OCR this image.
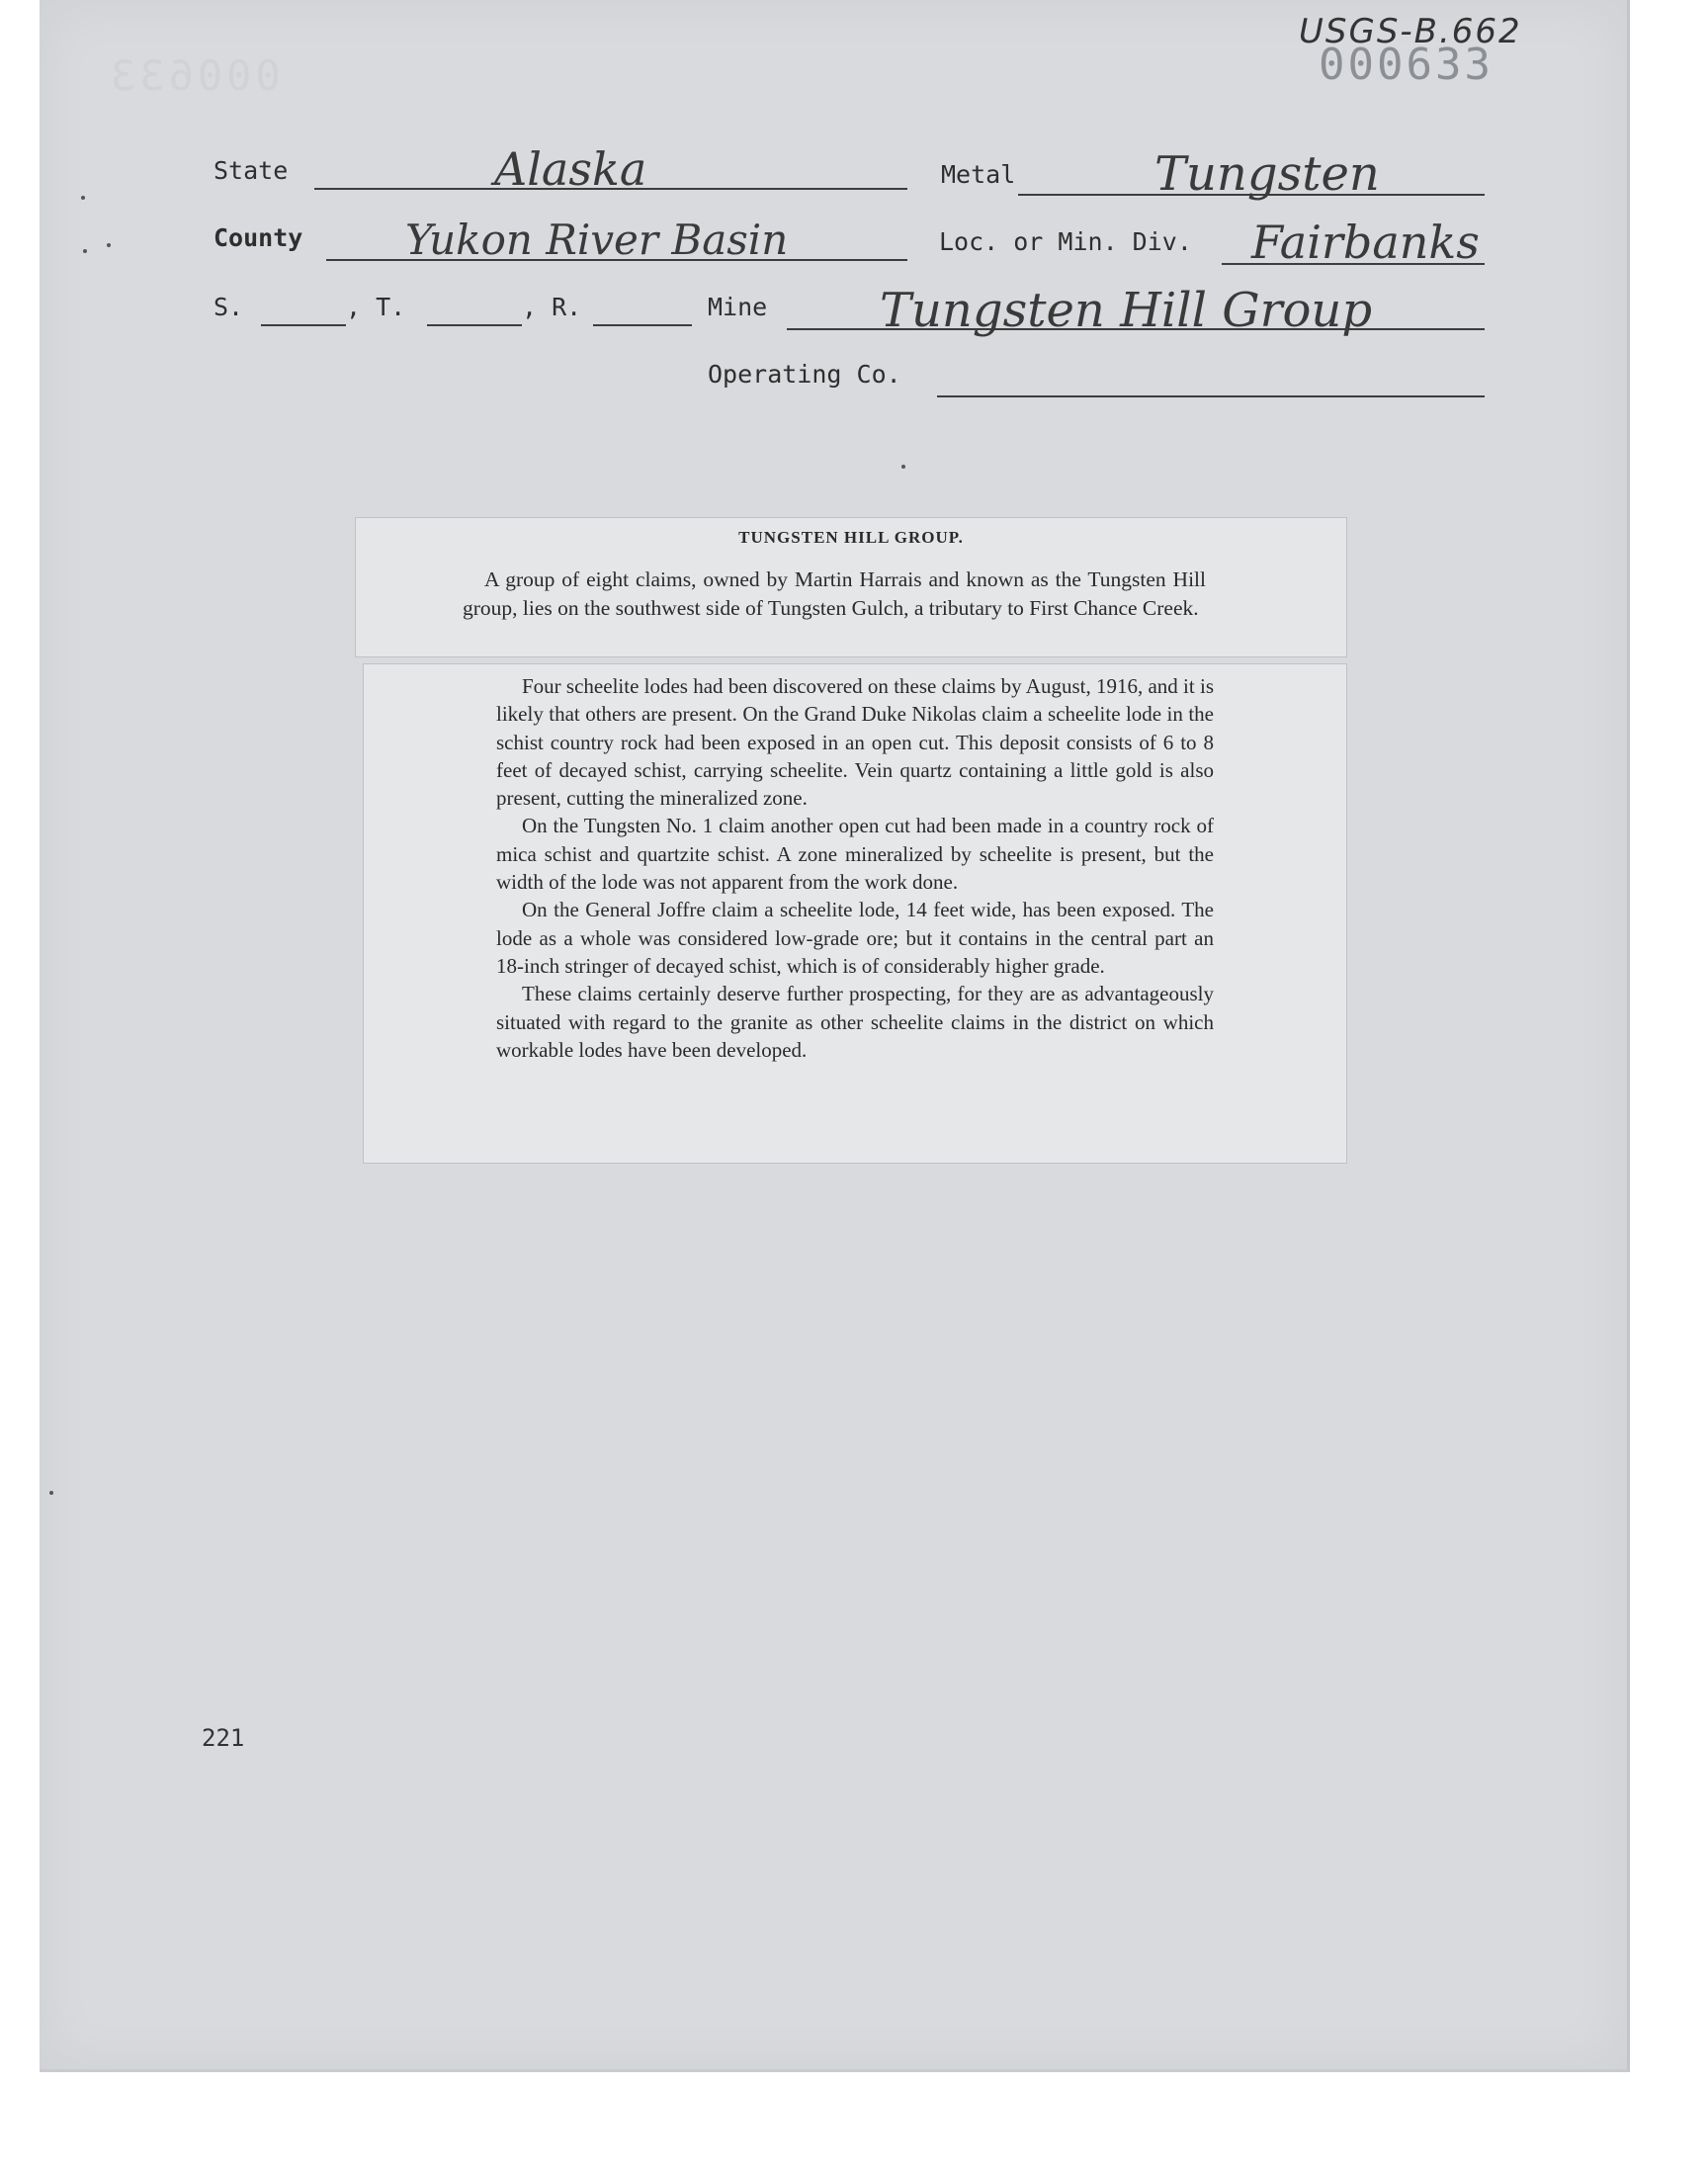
000633
USGS-B.662
000633
State	Alaska	Metal	Tungsten
County Yukon River Basin	Loc. or Min. Div. Fairbanks
S.	, T.	, R.	Mine Tungsten Hill Group
Operating Co.
TUNGSTEN HILL GROUP.
A group of eight claims, owned by Martin Harrais and known as the Tungsten Hill group, lies on the southwest side of Tungsten Gulch, a tributary to First Chance Creek.

Four scheelite lodes had been discovered on these claims by August, 1916, and it is likely that others are present. On the Grand Duke Nikolas claim a scheelite lode in the schist country rock had been exposed in an open cut. This deposit consists of 6 to 8 feet of decayed schist, carrying scheelite. Vein quartz containing a little gold is also present, cutting the mineralized zone.

On the Tungsten No. 1 claim another open cut had been made in a country rock of mica schist and quartzite schist. A zone mineralized by scheelite is present, but the width of the lode was not apparent from the work done.

On the General Joffre claim a scheelite lode, 14 feet wide, has been exposed. The lode as a whole was considered low-grade ore; but it contains in the central part an 18-inch stringer of decayed schist, which is of considerably higher grade.

These claims certainly deserve further prospecting, for they are as advantageously situated with regard to the granite as other scheelite claims in the district on which workable lodes have been developed.

221
